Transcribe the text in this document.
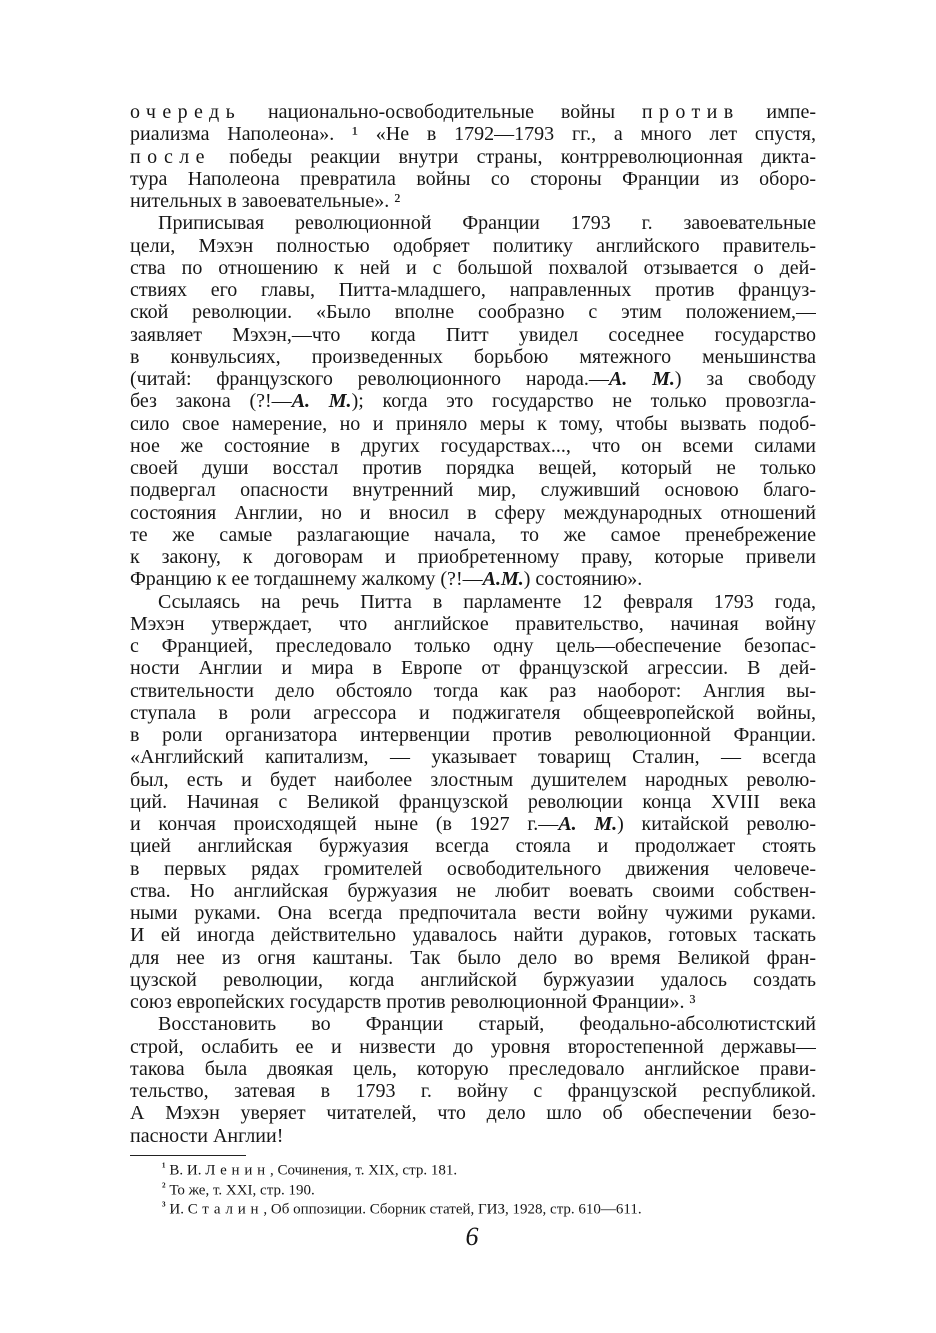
очередь национально-освободительные войны против импе-
риализма Наполеона». ¹ «Не в 1792—1793 гг., а много лет спустя,
после победы реакции внутри страны, контрреволюционная дикта-
тура Наполеона превратила войны со стороны Франции из оборо-
нительных в завоевательные». ²
Приписывая революционной Франции 1793 г. завоевательные
цели, Мэхэн полностью одобряет политику английского правитель-
ства по отношению к ней и с большой похвалой отзывается о дей-
ствиях его главы, Питта-младшего, направленных против француз-
ской революции. «Было вполне сообразно с этим положением,—
заявляет Мэхэн,—что когда Питт увидел соседнее государство
в конвульсиях, произведенных борьбою мятежного меньшинства
(читай: французского революционного народа.—А. М.) за свободу
без закона (?!—А. М.); когда это государство не только провозгла-
сило свое намерение, но и приняло меры к тому, чтобы вызвать подоб-
ное же состояние в других государствах..., что он всеми силами
своей души восстал против порядка вещей, который не только
подвергал опасности внутренний мир, служивший основою благо-
состояния Англии, но и вносил в сферу международных отношений
те же самые разлагающие начала, то же самое пренебрежение
к закону, к договорам и приобретенному праву, которые привели
Францию к ее тогдашнему жалкому (?!—А.М.) состоянию».
Ссылаясь на речь Питта в парламенте 12 февраля 1793 года,
Мэхэн утверждает, что английское правительство, начиная войну
с Францией, преследовало только одну цель—обеспечение безопас-
ности Англии и мира в Европе от французской агрессии. В дей-
ствительности дело обстояло тогда как раз наоборот: Англия вы-
ступала в роли агрессора и поджигателя общеевропейской войны,
в роли организатора интервенции против революционной Франции.
«Английский капитализм, — указывает товарищ Сталин, — всегда
был, есть и будет наиболее злостным душителем народных револю-
ций. Начиная с Великой французской революции конца XVIII века
и кончая происходящей ныне (в 1927 г.—А. М.) китайской револю-
цией английская буржуазия всегда стояла и продолжает стоять
в первых рядах громителей освободительного движения человече-
ства. Но английская буржуазия не любит воевать своими собствен-
ными руками. Она всегда предпочитала вести войну чужими руками.
И ей иногда действительно удавалось найти дураков, готовых таскать
для нее из огня каштаны. Так было дело во время Великой фран-
цузской революции, когда английской буржуазии удалось создать
союз европейских государств против революционной Франции». ³
Восстановить во Франции старый, феодально-абсолютистский
строй, ослабить ее и низвести до уровня второстепенной державы—
такова была двоякая цель, которую преследовало английское прави-
тельство, затевая в 1793 г. войну с французской республикой.
А Мэхэн уверяет читателей, что дело шло об обеспечении безо-
пасности Англии!
$^{^1}$ В. И. Ленин, Сочинения, т. XIX, стр. 181.
$^{^2}$ То же, т. XXI, стр. 190.
$^{^3}$ И. Сталин, Об оппозиции. Сборник статей, ГИЗ, 1928, стр. 610—611.
6
